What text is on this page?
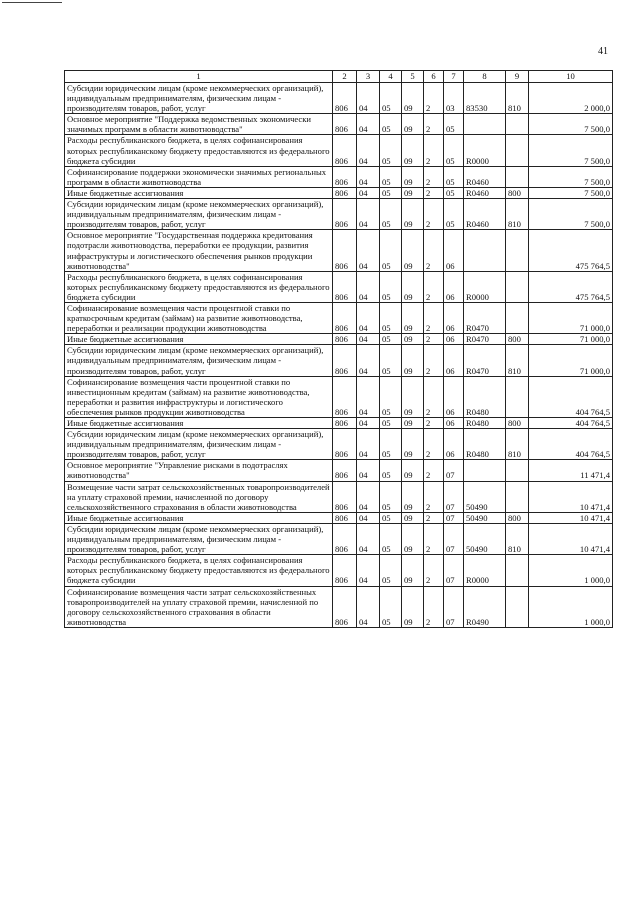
41
1	2	3	4	5	6	7	8	9	10
Субсидии юридическим лицам (кроме некоммерческих организаций), индивидуальным предпринимателям, физическим лицам - производителям товаров, работ, услуг	806	04	05	09	2	03	83530	810	2 000,0
Основное мероприятие "Поддержка ведомственных экономически значимых программ в области животноводства"	806	04	05	09	2	05			7 500,0
Расходы республиканского бюджета, в целях софинансирования которых республиканскому бюджету предоставляются из федерального бюджета субсидии	806	04	05	09	2	05	R0000		7 500,0
Софинансирование поддержки экономически значимых региональных программ в области животноводства	806	04	05	09	2	05	R0460		7 500,0
Иные бюджетные ассигнования	806	04	05	09	2	05	R0460	800	7 500,0
Субсидии юридическим лицам (кроме некоммерческих организаций), индивидуальным предпринимателям, физическим лицам - производителям товаров, работ, услуг	806	04	05	09	2	05	R0460	810	7 500,0
Основное мероприятие "Государственная поддержка кредитования подотрасли животноводства, переработки ее продукции, развития инфраструктуры и логистического обеспечения рынков продукции животноводства"	806	04	05	09	2	06			475 764,5
Расходы республиканского бюджета, в целях софинансирования которых республиканскому бюджету предоставляются из федерального бюджета субсидии	806	04	05	09	2	06	R0000		475 764,5
Софинансирование возмещения части процентной ставки по краткосрочным кредитам (займам) на развитие животноводства, переработки и реализации продукции животноводства	806	04	05	09	2	06	R0470		71 000,0
Иные бюджетные ассигнования	806	04	05	09	2	06	R0470	800	71 000,0
Субсидии юридическим лицам (кроме некоммерческих организаций), индивидуальным предпринимателям, физическим лицам - производителям товаров, работ, услуг	806	04	05	09	2	06	R0470	810	71 000,0
Софинансирование возмещения части процентной ставки по инвестиционным кредитам (займам) на развитие животноводства, переработки и развития инфраструктуры и логистического обеспечения рынков продукции животноводства	806	04	05	09	2	06	R0480		404 764,5
Иные бюджетные ассигнования	806	04	05	09	2	06	R0480	800	404 764,5
Субсидии юридическим лицам (кроме некоммерческих организаций), индивидуальным предпринимателям, физическим лицам - производителям товаров, работ, услуг	806	04	05	09	2	06	R0480	810	404 764,5
Основное мероприятие "Управление рисками в подотраслях животноводства"	806	04	05	09	2	07			11 471,4
Возмещение части затрат сельскохозяйственных товаропроизводителей на уплату страховой премии, начисленной по договору сельскохозяйственного страхования в области животноводства	806	04	05	09	2	07	50490		10 471,4
Иные бюджетные ассигнования	806	04	05	09	2	07	50490	800	10 471,4
Субсидии юридическим лицам (кроме некоммерческих организаций), индивидуальным предпринимателям, физическим лицам - производителям товаров, работ, услуг	806	04	05	09	2	07	50490	810	10 471,4
Расходы республиканского бюджета, в целях софинансирования которых республиканскому бюджету предоставляются из федерального бюджета субсидии	806	04	05	09	2	07	R0000		1 000,0
Софинансирование возмещения части затрат сельскохозяйственных товаропроизводителей на уплату страховой премии, начисленной по договору сельскохозяйственного страхования в области животноводства	806	04	05	09	2	07	R0490		1 000,0
